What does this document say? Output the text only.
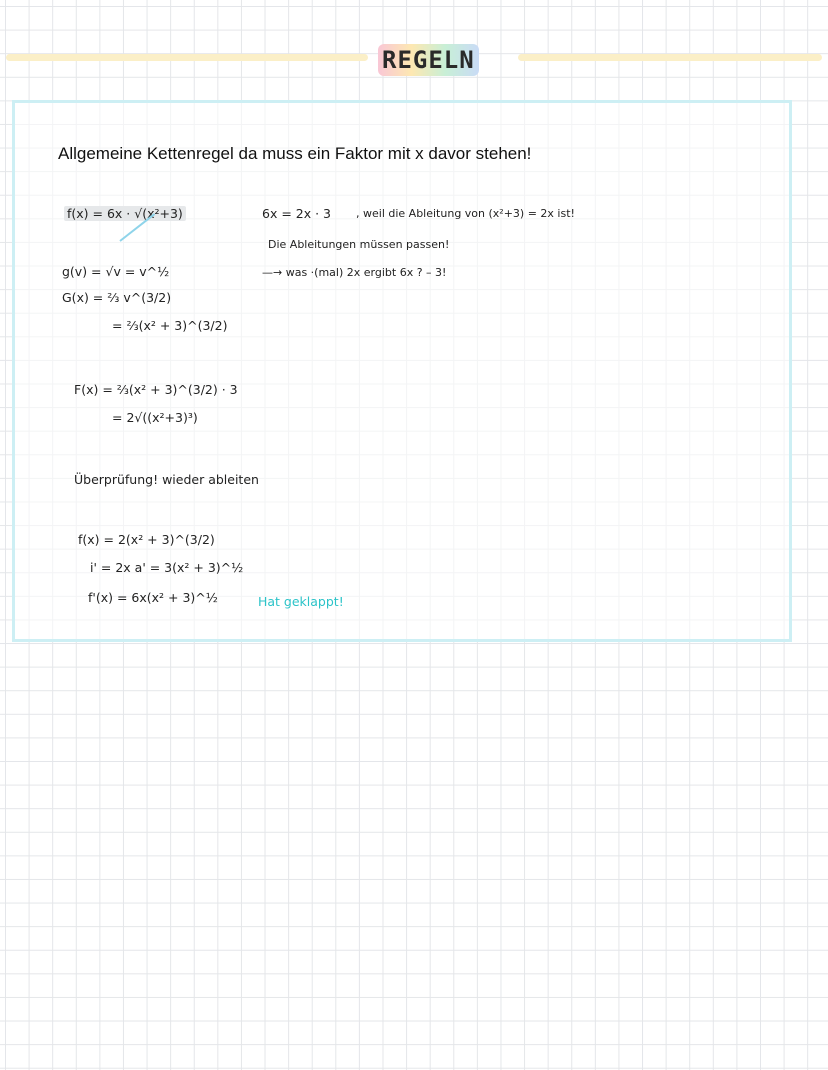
REGELN
Allgemeine Kettenregel da muss ein Faktor mit x davor stehen!
f(x) = 6x · √(x²+3)
g(v) = √v = v^½
G(x) = ⅔ v^(3/2)
= ⅔(x² + 3)^(3/2)
F(x) = ⅔(x² + 3)^(3/2) · 3
= 2√((x²+3)³)
6x = 2x · 3 , weil die Ableitung von (x²+3) = 2x ist!
Die Ableitungen müssen passen!
—→ was ·(mal) 2x ergibt 6x ? – 3!
Überprüfung! wieder ableiten
f(x) = 2(x² + 3)^(3/2)
i' = 2x a' = 3(x² + 3)^½
f'(x) = 6x(x² + 3)^½	Hat geklappt!
